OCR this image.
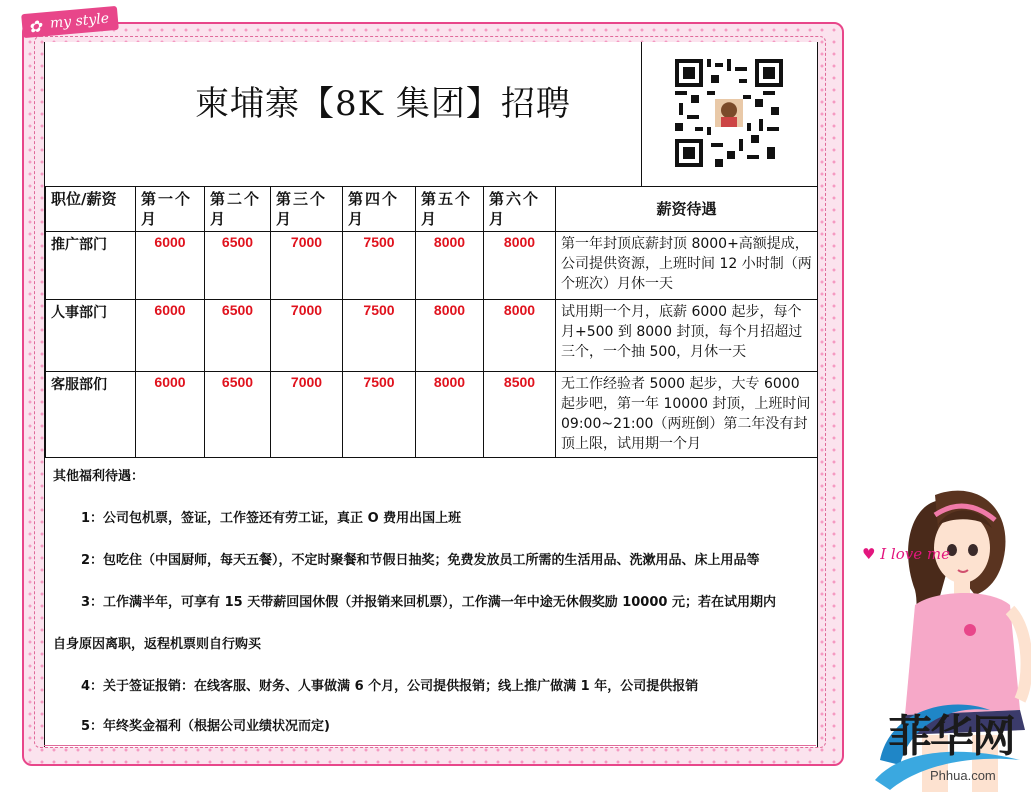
✿ my style
柬埔寨【8K 集团】招聘
职位/薪资	第一个月	第二个月	第三个月	第四个月	第五个月	第六个月	薪资待遇
推广部门	6000	6500	7000	7500	8000	8000	第一年封顶底薪封顶 8000+高额提成，公司提供资源，上班时间 12 小时制（两个班次）月休一天
人事部门	6000	6500	7000	7500	8000	8000	试用期一个月，底薪 6000 起步，每个月+500 到 8000 封顶，每个月招超过三个，一个抽 500，月休一天
客服部们	6000	6500	7000	7500	8000	8500	无工作经验者 5000 起步，大专 6000 起步吧，第一年 10000 封顶，上班时间 09:00~21:00（两班倒）第二年没有封顶上限，试用期一个月

其他福利待遇：

1：公司包机票，签证，工作签还有劳工证，真正 O 费用出国上班

2：包吃住（中国厨师，每天五餐），不定时聚餐和节假日抽奖；免费发放员工所需的生活用品、洗漱用品、床上用品等

3：工作满半年，可享有 15 天带薪回国休假（并报销来回机票），工作满一年中途无休假奖励 10000 元；若在试用期内

自身原因离职，返程机票则自行购买

4：关于签证报销：在线客服、财务、人事做满 6 个月，公司提供报销；线上推广做满 1 年，公司提供报销

5：年终奖金福利（根据公司业绩状况而定)

♥ I love me
菲华网
Phhua.com
